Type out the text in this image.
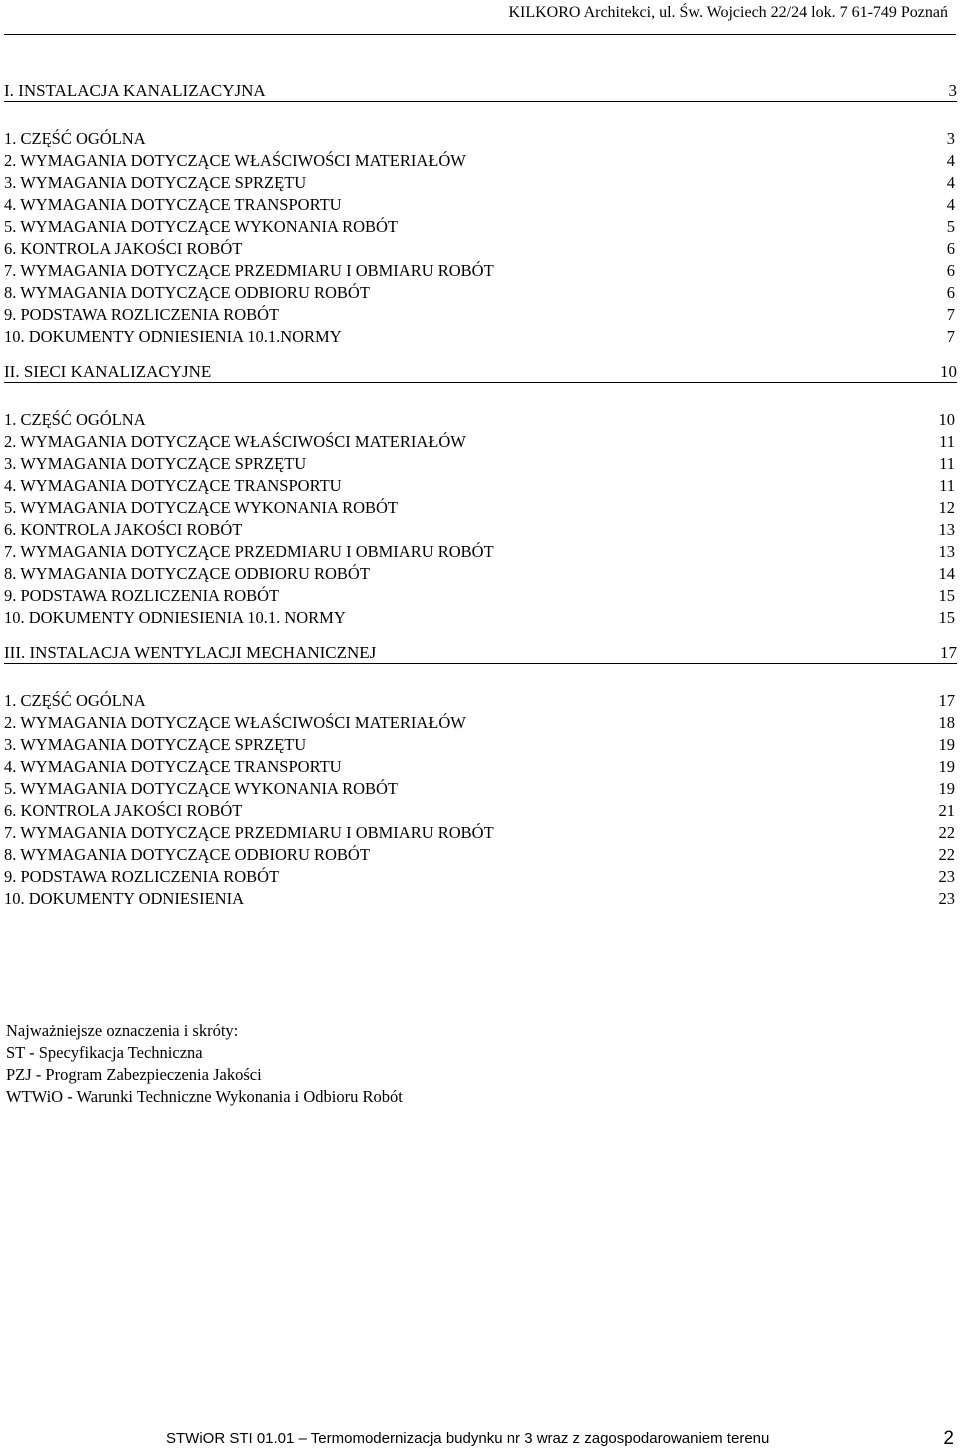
KILKORO Architekci, ul. Św. Wojciech 22/24 lok. 7 61-749 Poznań
I. INSTALACJA KANALIZACYJNA	3
1. CZĘŚĆ OGÓLNA	3
2. WYMAGANIA DOTYCZĄCE WŁAŚCIWOŚCI MATERIAŁÓW	4
3. WYMAGANIA DOTYCZĄCE SPRZĘTU	4
4. WYMAGANIA DOTYCZĄCE TRANSPORTU	4
5. WYMAGANIA DOTYCZĄCE WYKONANIA ROBÓT	5
6. KONTROLA JAKOŚCI ROBÓT	6
7. WYMAGANIA DOTYCZĄCE PRZEDMIARU I OBMIARU ROBÓT	6
8. WYMAGANIA DOTYCZĄCE ODBIORU ROBÓT	6
9. PODSTAWA ROZLICZENIA ROBÓT	7
10. DOKUMENTY ODNIESIENIA 10.1.NORMY	7
II. SIECI KANALIZACYJNE	10
1. CZĘŚĆ OGÓLNA	10
2. WYMAGANIA DOTYCZĄCE WŁAŚCIWOŚCI MATERIAŁÓW	11
3. WYMAGANIA DOTYCZĄCE SPRZĘTU	11
4. WYMAGANIA DOTYCZĄCE TRANSPORTU	11
5. WYMAGANIA DOTYCZĄCE WYKONANIA ROBÓT	12
6. KONTROLA JAKOŚCI ROBÓT	13
7. WYMAGANIA DOTYCZĄCE PRZEDMIARU I OBMIARU ROBÓT	13
8. WYMAGANIA DOTYCZĄCE ODBIORU ROBÓT	14
9. PODSTAWA ROZLICZENIA ROBÓT	15
10. DOKUMENTY ODNIESIENIA 10.1. NORMY	15
III. INSTALACJA WENTYLACJI MECHANICZNEJ	17
1. CZĘŚĆ OGÓLNA	17
2. WYMAGANIA DOTYCZĄCE WŁAŚCIWOŚCI MATERIAŁÓW	18
3. WYMAGANIA DOTYCZĄCE SPRZĘTU	19
4. WYMAGANIA DOTYCZĄCE TRANSPORTU	19
5. WYMAGANIA DOTYCZĄCE WYKONANIA ROBÓT	19
6. KONTROLA JAKOŚCI ROBÓT	21
7. WYMAGANIA DOTYCZĄCE PRZEDMIARU I OBMIARU ROBÓT	22
8. WYMAGANIA DOTYCZĄCE ODBIORU ROBÓT	22
9. PODSTAWA ROZLICZENIA ROBÓT	23
10. DOKUMENTY ODNIESIENIA	23
Najważniejsze oznaczenia i skróty:
ST - Specyfikacja Techniczna
PZJ - Program Zabezpieczenia Jakości
WTWiO - Warunki Techniczne Wykonania i Odbioru Robót
STWiOR STI 01.01 – Termomodernizacja budynku nr 3 wraz z zagospodarowaniem terenu	2
